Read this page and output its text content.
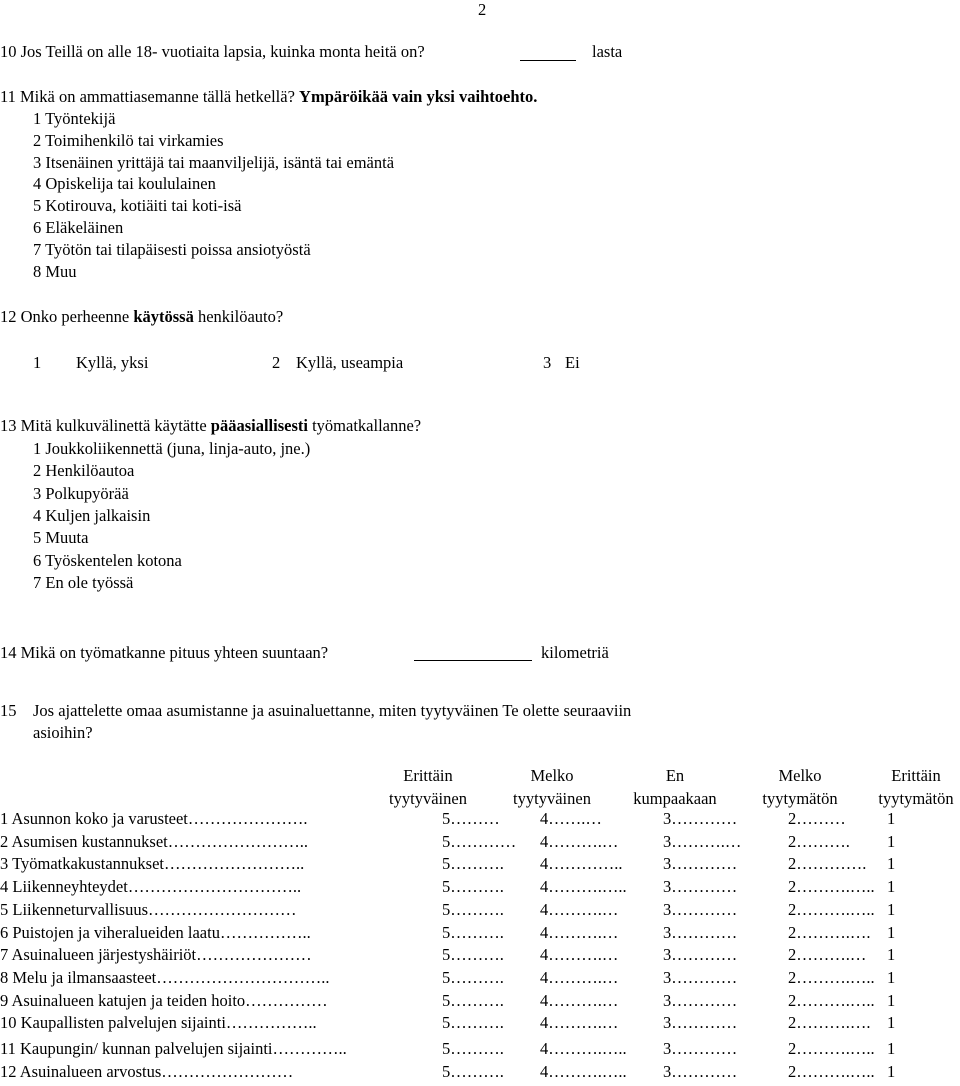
2
10 Jos Teillä on alle 18- vuotiaita lapsia, kuinka monta heitä on?	lasta
11 Mikä on ammattiasemanne tällä hetkellä? Ympäröikää vain yksi vaihtoehto.
1 Työntekijä
2 Toimihenkilö tai virkamies
3 Itsenäinen yrittäjä tai maanviljelijä, isäntä tai emäntä
4 Opiskelija tai koululainen
5 Kotirouva, kotiäiti tai koti-isä
6 Eläkeläinen
7 Työtön tai tilapäisesti poissa ansiotyöstä
8 Muu
12 Onko perheenne käytössä henkilöauto?
1 Kyllä, yksi	2 Kyllä, useampia	3 Ei
13 Mitä kulkuvälinettä käytätte pääasiallisesti työmatkallanne?
1 Joukkoliikennettä (juna, linja-auto, jne.)
2 Henkilöautoa
3 Polkupyörää
4 Kuljen jalkaisin
5 Muuta
6 Työskentelen kotona
7 En ole työssä
14 Mikä on työmatkanne pituus yhteen suuntaan?	kilometriä
15 Jos ajattelette omaa asumistanne ja asuinaluettanne, miten tyytyväinen Te olette seuraaviin
asioihin?
Erittäin
tyytyväinen
Melko
tyytyväinen
En
kumpaakaan
Melko
tyytymätön
Erittäin
tyytymätön
1 Asunnon koko ja varusteet………………….	5………	4…….…	3…………	2………	1
2 Asumisen kustannukset……………………..	5…………	4……….…	3……….…	2……….	1
3 Työmatkakustannukset……………………..	5……….	4…………..	3…………	2………….	1
4 Liikenneyhteydet…………………………..	5……….	4……….…..	3…………	2……….….. 1
5 Liikenneturvallisuus………………………	5……….	4……….…	3…………	2……….….. 1
6 Puistojen ja viheralueiden laatu……………..	5……….	4……….…	3…………	2……….….	1
7 Asuinalueen järjestyshäiriöt…………………	5……….	4……….…	3…………	2……….…	1
8 Melu ja ilmansaasteet…………………………..	5……….	4……….…	3…………	2……….….. 1
9 Asuinalueen katujen ja teiden hoito……………	5……….	4……….…	3…………	2……….….. 1
10 Kaupallisten palvelujen sijainti……………..	5……….	4……….…	3…………	2……….….	1
11 Kaupungin/ kunnan palvelujen sijainti…………..	5……….	4……….…..	3…………	2……….….. 1
12 Asuinalueen arvostus……………………	5……….	4……….…..	3…………	2……….….. 1
